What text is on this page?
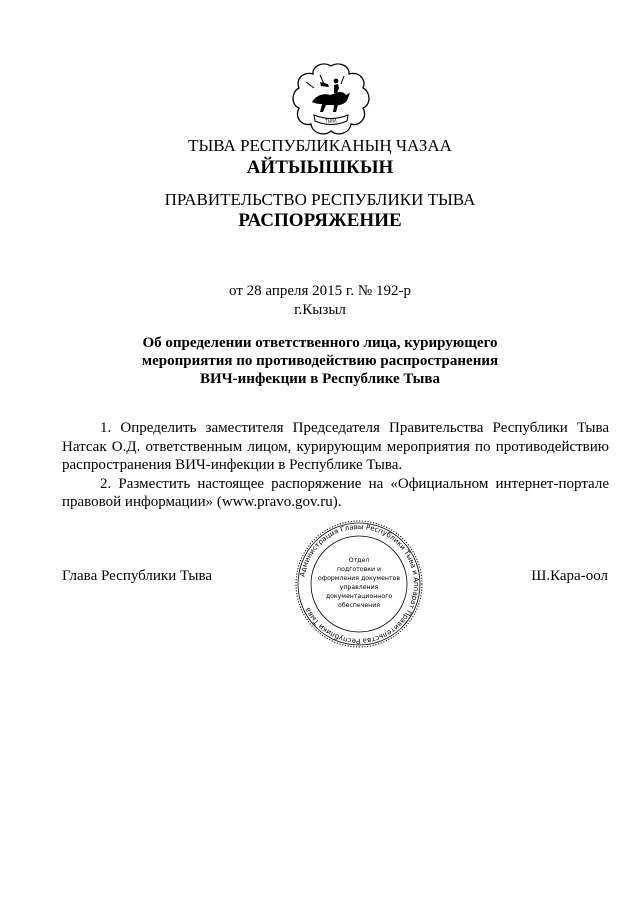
ТЫВА

ТЫВА РЕСПУБЛИКАНЫҢ ЧАЗАА

АЙТЫЫШКЫН

ПРАВИТЕЛЬСТВО РЕСПУБЛИКИ ТЫВА

РАСПОРЯЖЕНИЕ

от 28 апреля 2015 г. № 192-р

г.Кызыл

Об определении ответственного лица, курирующего
мероприятия по противодействию распространения
ВИЧ-инфекции в Республике Тыва

1. Определить заместителя Председателя Правительства Республики Тыва Натсак О.Д. ответственным лицом, курирующим мероприятия по противодействию распространения ВИЧ-инфекции в Республике Тыва.

2. Разместить настоящее распоряжение на «Официальном интернет-портале правовой информации» (www.pravo.gov.ru).

Глава Республики Тыва	Ш.Кара-оол
Администрация Главы Республики Тыва и Аппарат Правительства Республики Тыва
Отдел
подготовки и
оформления документов
управления
документационного
обеспечения
